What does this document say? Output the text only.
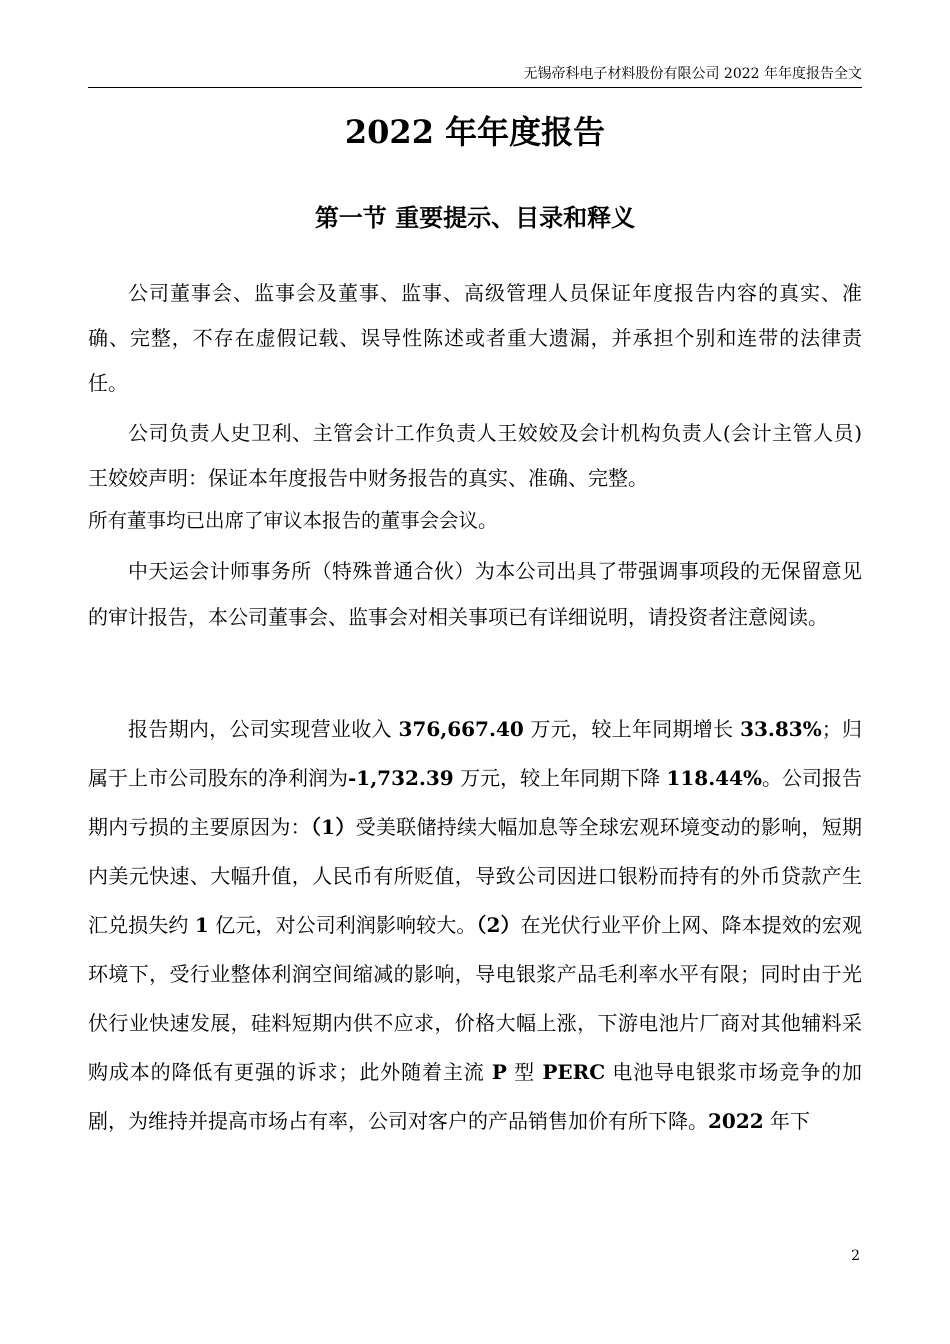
无锡帝科电子材料股份有限公司 2022 年年度报告全文
2022 年年度报告
第一节 重要提示、目录和释义

公司董事会、监事会及董事、监事、高级管理人员保证年度报告内容的真实、准确、完整，不存在虚假记载、误导性陈述或者重大遗漏，并承担个别和连带的法律责任。

公司负责人史卫利、主管会计工作负责人王姣姣及会计机构负责人(会计主管人员)王姣姣声明：保证本年度报告中财务报告的真实、准确、完整。

所有董事均已出席了审议本报告的董事会会议。

中天运会计师事务所（特殊普通合伙）为本公司出具了带强调事项段的无保留意见的审计报告，本公司董事会、监事会对相关事项已有详细说明，请投资者注意阅读。

报告期内，公司实现营业收入 376,667.40 万元，较上年同期增长 33.83%；归属于上市公司股东的净利润为-1,732.39 万元，较上年同期下降 118.44%。公司报告期内亏损的主要原因为：（1）受美联储持续大幅加息等全球宏观环境变动的影响，短期内美元快速、大幅升值，人民币有所贬值，导致公司因进口银粉而持有的外币贷款产生汇兑损失约 1 亿元，对公司利润影响较大。（2）在光伏行业平价上网、降本提效的宏观环境下，受行业整体利润空间缩减的影响，导电银浆产品毛利率水平有限；同时由于光伏行业快速发展，硅料短期内供不应求，价格大幅上涨，下游电池片厂商对其他辅料采购成本的降低有更强的诉求；此外随着主流 P 型 PERC 电池导电银浆市场竞争的加剧，为维持并提高市场占有率，公司对客户的产品销售加价有所下降。2022 年下

2
